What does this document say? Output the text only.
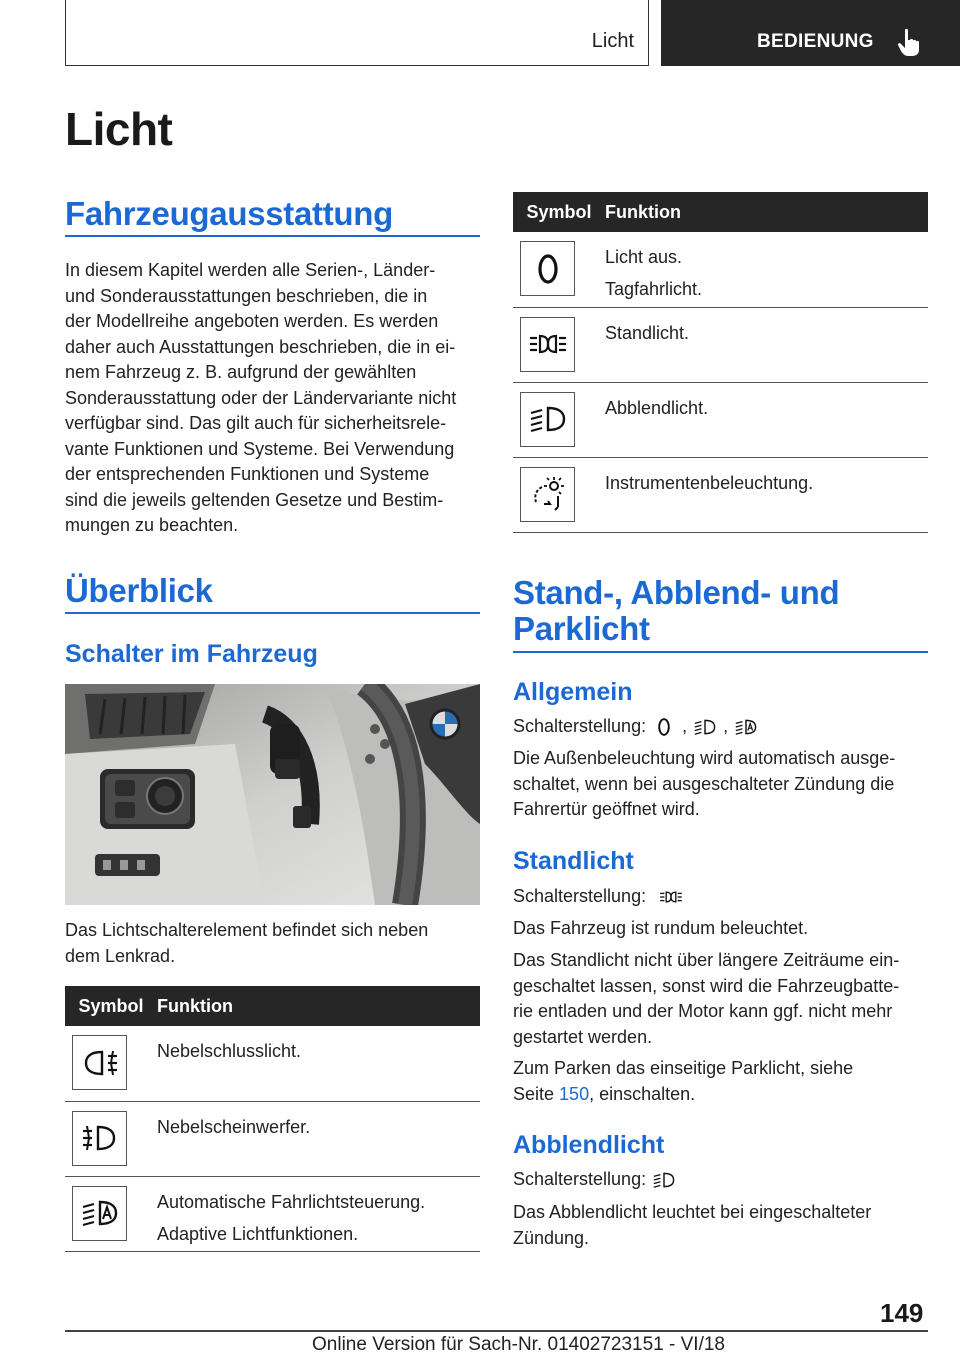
Licht	BEDIENUNG
Licht
Fahrzeugausstattung
In diesem Kapitel werden alle Serien-, Länder-
und Sonderausstattungen beschrieben, die in
der Modellreihe angeboten werden. Es werden
daher auch Ausstattungen beschrieben, die in ei-
nem Fahrzeug z. B. aufgrund der gewählten
Sonderausstattung oder der Ländervariante nicht
verfügbar sind. Das gilt auch für sicherheitsrele-
vante Funktionen und Systeme. Bei Verwendung
der entsprechenden Funktionen und Systeme
sind die jeweils geltenden Gesetze und Bestim-
mungen zu beachten.
Überblick
Schalter im Fahrzeug
Das Lichtschalterelement befindet sich neben
dem Lenkrad.
Symbol	Funktion

Nebelschlusslicht.

Nebelscheinwerfer.

Automatische Fahrlichtsteuerung.
Adaptive Lichtfunktionen.
Symbol	Funktion

Licht aus.
Tagfahrlicht.

Standlicht.

Abblendlicht.

Instrumentenbeleuchtung.
Stand-, Abblend- und
Parklicht
Allgemein
Schalterstellung: , ,
Die Außenbeleuchtung wird automatisch ausge-
schaltet, wenn bei ausgeschalteter Zündung die
Fahrertür geöffnet wird.
Standlicht
Schalterstellung:
Das Fahrzeug ist rundum beleuchtet.
Das Standlicht nicht über längere Zeiträume ein-
geschaltet lassen, sonst wird die Fahrzeugbatte-
rie entladen und der Motor kann ggf. nicht mehr
gestartet werden.
Zum Parken das einseitige Parklicht, siehe
Seite 150, einschalten.
Abblendlicht
Schalterstellung:
Das Abblendlicht leuchtet bei eingeschalteter
Zündung.
149
Online Version für Sach-Nr. 01402723151 - VI/18
